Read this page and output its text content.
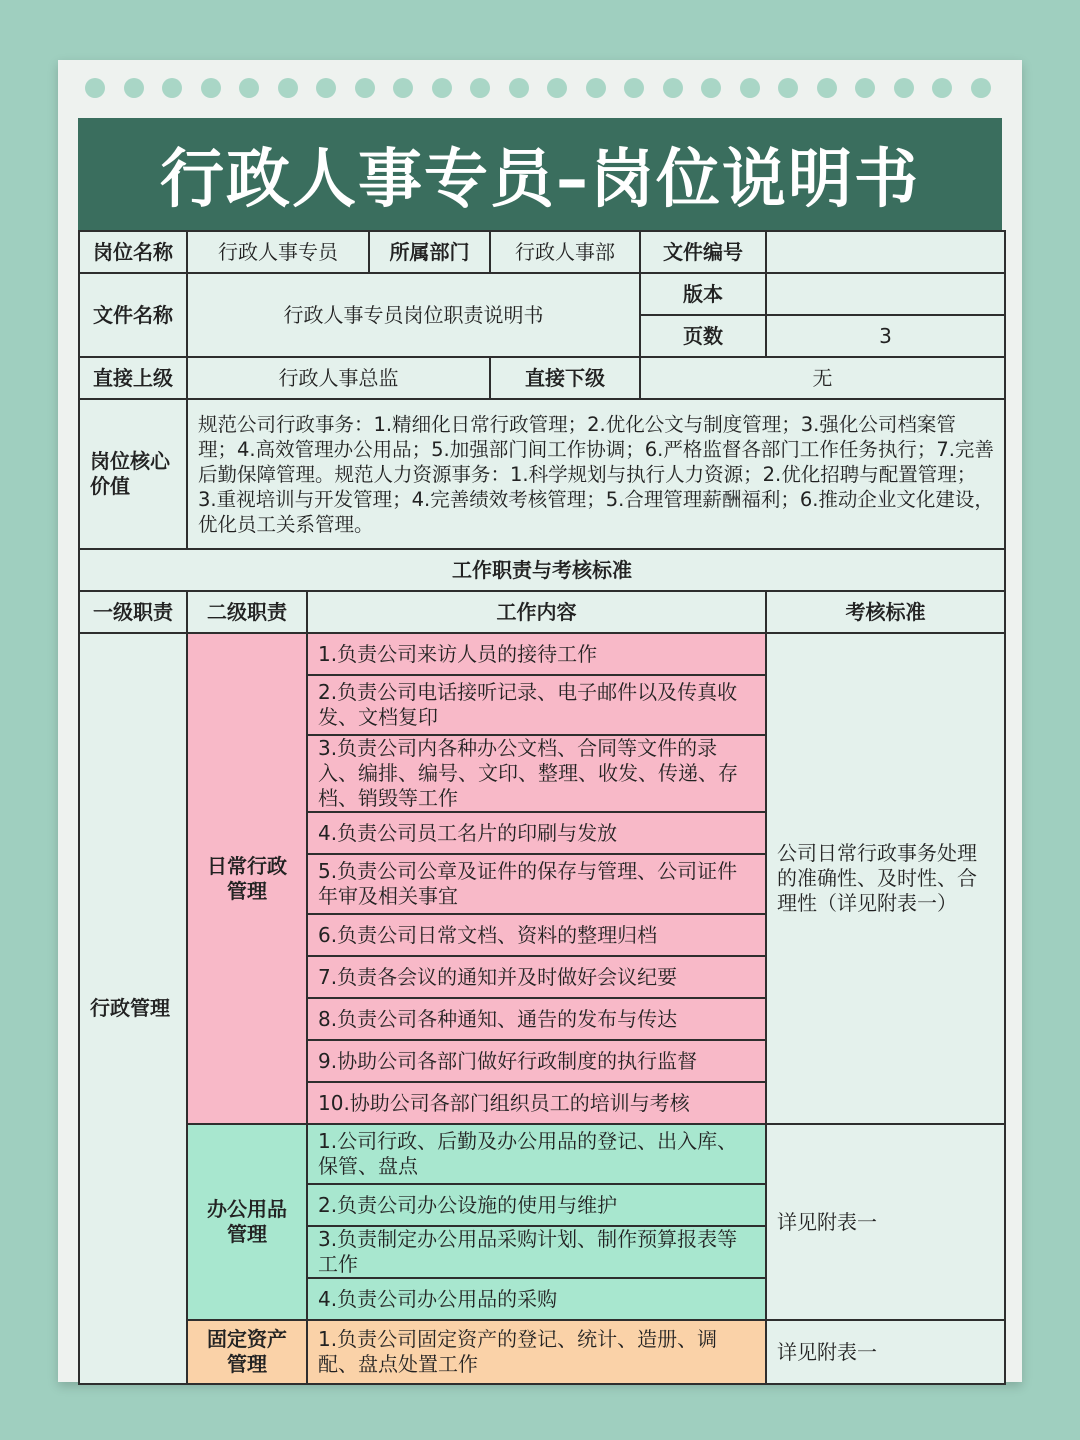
行政人事专员–岗位说明书
岗位名称	行政人事专员		所属部门	行政人事部	文件编号	
文件名称	行政人事专员岗位职责说明书				版本	
					页数	3
直接上级	行政人事总监			直接下级	无	
岗位核心价值	规范公司行政事务：1.精细化日常行政管理；2.优化公文与制度管理；3.强化公司档案管理；4.高效管理办公用品；5.加强部门间工作协调；6.严格监督各部门工作任务执行；7.完善后勤保障管理。规范人力资源事务：1.科学规划与执行人力资源；2.优化招聘与配置管理；3.重视培训与开发管理；4.完善绩效考核管理；5.合理管理薪酬福利；6.推动企业文化建设，优化员工关系管理。					
工作职责与考核标准						
一级职责	二级职责	工作内容				考核标准
行政管理	日常行政管理	1.负责公司来访人员的接待工作				公司日常行政事务处理的准确性、及时性、合理性（详见附表一）
		2.负责公司电话接听记录、电子邮件以及传真收发、文档复印				
		3.负责公司内各种办公文档、合同等文件的录入、编排、编号、文印、整理、收发、传递、存档、销毁等工作				
		4.负责公司员工名片的印刷与发放				
		5.负责公司公章及证件的保存与管理、公司证件年审及相关事宜				
		6.负责公司日常文档、资料的整理归档				
		7.负责各会议的通知并及时做好会议纪要				
		8.负责公司各种通知、通告的发布与传达				
		9.协助公司各部门做好行政制度的执行监督				
		10.协助公司各部门组织员工的培训与考核				
	办公用品管理	1.公司行政、后勤及办公用品的登记、出入库、保管、盘点				详见附表一
		2.负责公司办公设施的使用与维护				
		3.负责制定办公用品采购计划、制作预算报表等工作				
		4.负责公司办公用品的采购				
	固定资产管理	1.负责公司固定资产的登记、统计、造册、调配、盘点处置工作				详见附表一
